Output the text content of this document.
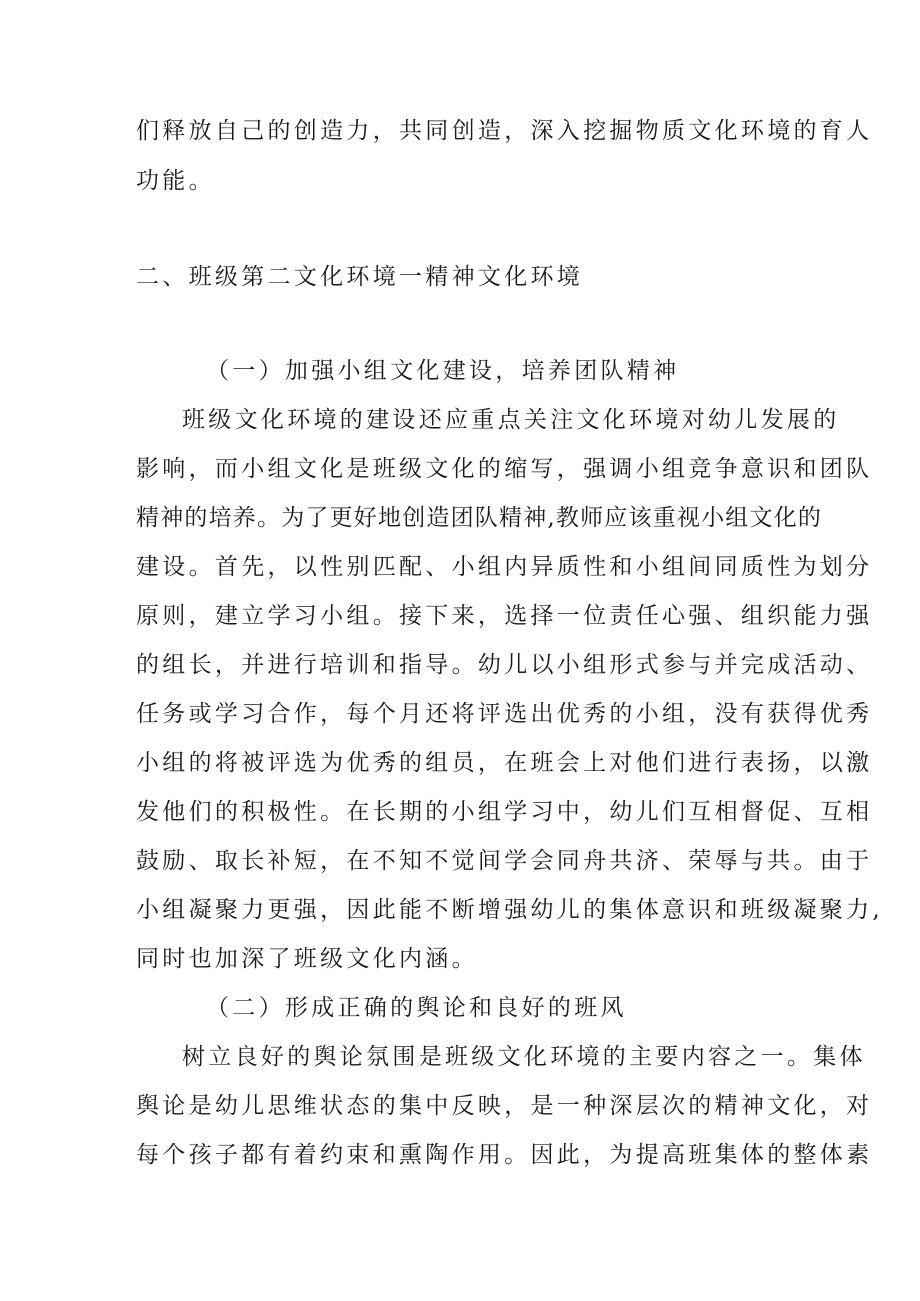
们释放自己的创造力，共同创造，深入挖掘物质文化环境的育人
功能。
二、班级第二文化环境一精神文化环境
（一）加强小组文化建设，培养团队精神
班级文化环境的建设还应重点关注文化环境对幼儿发展的
影响，而小组文化是班级文化的缩写，强调小组竞争意识和团队
精神的培养。为了更好地创造团队精神,教师应该重视小组文化的
建设。首先，以性别匹配、小组内异质性和小组间同质性为划分
原则，建立学习小组。接下来，选择一位责任心强、组织能力强
的组长，并进行培训和指导。幼儿以小组形式参与并完成活动、
任务或学习合作，每个月还将评选出优秀的小组，没有获得优秀
小组的将被评选为优秀的组员，在班会上对他们进行表扬，以激
发他们的积极性。在长期的小组学习中，幼儿们互相督促、互相
鼓励、取长补短，在不知不觉间学会同舟共济、荣辱与共。由于
小组凝聚力更强，因此能不断增强幼儿的集体意识和班级凝聚力,
同时也加深了班级文化内涵。
（二）形成正确的舆论和良好的班风
树立良好的舆论氛围是班级文化环境的主要内容之一。集体
舆论是幼儿思维状态的集中反映，是一种深层次的精神文化，对
每个孩子都有着约束和熏陶作用。因此，为提高班集体的整体素
